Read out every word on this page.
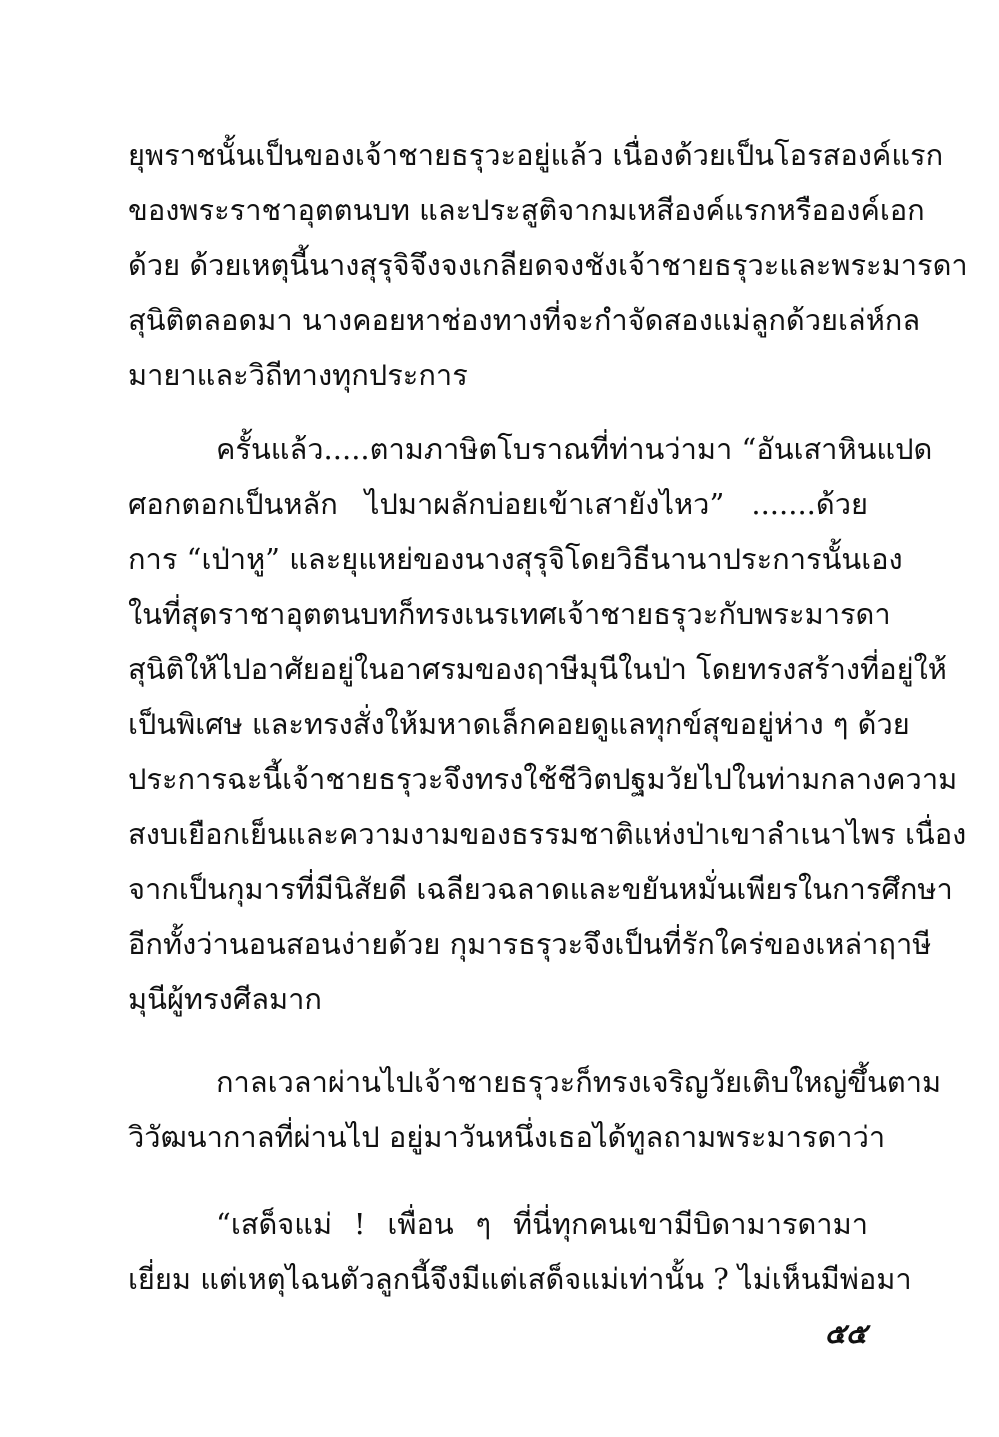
ยุพราชนั้นเป็นของเจ้าชายธรุวะอยู่แล้ว เนื่องด้วยเป็นโอรสองค์แรก
ของพระราชาอุตตนบท และประสูติจากมเหสีองค์แรกหรือองค์เอก
ด้วย ด้วยเหตุนี้นางสุรุจิจึงจงเกลียดจงชังเจ้าชายธรุวะและพระมารดา
สุนิติตลอดมา นางคอยหาช่องทางที่จะกำจัดสองแม่ลูกด้วยเล่ห์กล
มายาและวิถีทางทุกประการ
ครั้นแล้ว.....ตามภาษิตโบราณที่ท่านว่ามา “อันเสาหินแปด
ศอกตอกเป็นหลัก ไปมาผลักบ่อยเข้าเสายังไหว” .......ด้วย
การ “เป่าหู” และยุแหย่ของนางสุรุจิโดยวิธีนานาประการนั้นเอง
ในที่สุดราชาอุตตนบทก็ทรงเนรเทศเจ้าชายธรุวะกับพระมารดา
สุนิติให้ไปอาศัยอยู่ในอาศรมของฤาษีมุนีในป่า โดยทรงสร้างที่อยู่ให้
เป็นพิเศษ และทรงสั่งให้มหาดเล็กคอยดูแลทุกข์สุขอยู่ห่าง ๆ ด้วย
ประการฉะนี้เจ้าชายธรุวะจึงทรงใช้ชีวิตปฐมวัยไปในท่ามกลางความ
สงบเยือกเย็นและความงามของธรรมชาติแห่งป่าเขาลำเนาไพร เนื่อง
จากเป็นกุมารที่มีนิสัยดี เฉลียวฉลาดและขยันหมั่นเพียรในการศึกษา
อีกทั้งว่านอนสอนง่ายด้วย กุมารธรุวะจึงเป็นที่รักใคร่ของเหล่าฤาษี
มุนีผู้ทรงศีลมาก
กาลเวลาผ่านไปเจ้าชายธรุวะก็ทรงเจริญวัยเติบใหญ่ขึ้นตาม
วิวัฒนากาลที่ผ่านไป อยู่มาวันหนึ่งเธอได้ทูลถามพระมารดาว่า
“เสด็จแม่ ! เพื่อน ๆ ที่นี่ทุกคนเขามีบิดามารดามา
เยี่ยม แต่เหตุไฉนตัวลูกนี้จึงมีแต่เสด็จแม่เท่านั้น ? ไม่เห็นมีพ่อมา
๕๕
